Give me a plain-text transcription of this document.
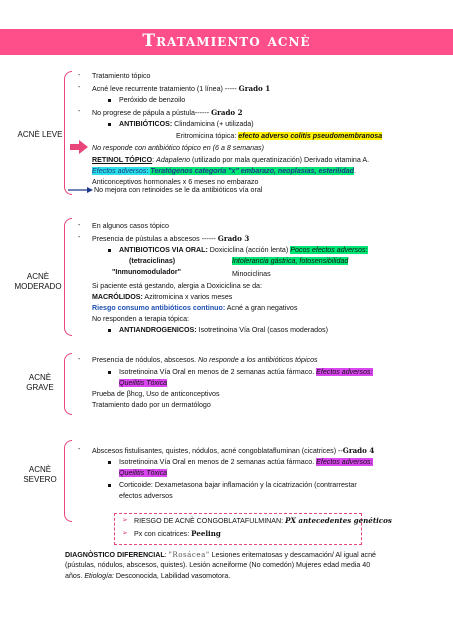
Tratamiento acnè
ACNÈ LEVE
- Tratamiento tópico
- Acné leve recurrente tratamiento (1 línea) ----- Grado 1
Peróxido de benzoilo
- No progrese de pápula a pústula------ Grado 2
ANTIBIÓTICOS: Clindamicina (+ utilizada)
Eritromicina tópica: efecto adverso colitis pseudomembranosa
No responde con antibiótico tópico en (6 a 8 semanas)
RETINOL TÓPICO: Adapaleno (utilizado por mala queratinización) Derivado vitamina A.
Efectos adversos: Teratógenos categoría "x" embarazo, neoplasias, esterilidad.
Anticonceptivos hormonales x 6 meses no embarazo
No mejora con retinoides se le da antibióticos vía oral
ACNÈ MODERADO
- En algunos casos tópico
- Presencia de pústulas a abscesos ------ Grado 3
ANTIBIOTICOS VIA ORAL: Doxiciclina (acción lenta) Pocos efectos adversos:
(tetraciclinas)	Intolerancia gástrica, fotosensibilidad
"Inmunomodulador"	Minociclinas
Si paciente está gestando, alergia a Doxiciclina se da:
MACRÓLIDOS: Azitromicina x varios meses
Riesgo consumo antibióticos continuo: Acné a gran negativos
No responden a terapia tópica:
ANTIANDROGENICOS: Isotretinoina Vía Oral (casos moderados)
ACNÈ GRAVE
- Presencia de nódulos, abscesos. No responde a los antibióticos tópicos
Isotretinoina Vía Oral en menos de 2 semanas actúa fármaco. Efectos adversos:
Queilitis Tóxica
Prueba de βhcg, Uso de anticonceptivos
Tratamiento dado por un dermatólogo
ACNÈ SEVERO
- Abscesos fistulisantes, quistes, nódulos, acné congoblatafluminan (cicatrices) --Grado 4
Isotretinoina Vía Oral en menos de 2 semanas actúa fármaco. Efectos adversos:
Queilitis Tóxica
Corticoide: Dexametasona bajar inflamación y la cicatrización (contrarrestar
efectos adversos
➢ RIESGO DE ACNÈ CONGOBLATAFULMINAN: PX antecedentes genéticos
➢ Px con cicatrices: Peeling
DIAGNÒSTICO DIFERENCIAL: "Rosácea" Lesiones eritematosas y descamación/ Al igual acné
(pústulas, nódulos, abscesos, quistes). Lesión acneiforme (No comedón) Mujeres edad media 40
años. Etiología: Desconocida, Labilidad vasomotora.
